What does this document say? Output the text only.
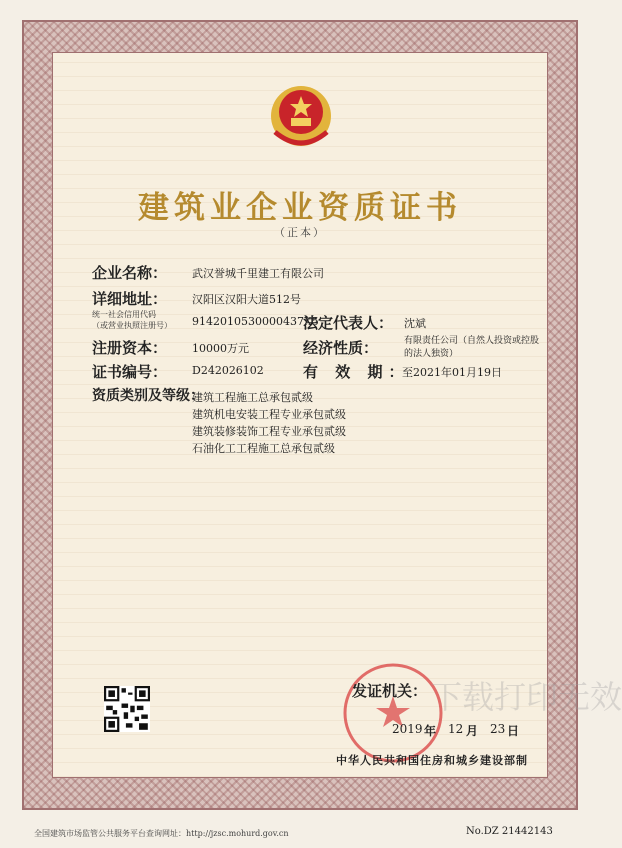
建筑业企业资质证书
（正本）
企业名称： 武汉誉城千里建工有限公司
详细地址： 汉阳区汉阳大道512号
统一社会信用代码
（或营业执照注册号） 9142010530000437X5
法定代表人： 沈斌
注册资本： 10000万元	经济性质：	有限责任公司（自然人投资或控股
的法人独资）
证书编号： D242026102	有 效 期：
至2021年01月19日
资质类别及等级：
建筑工程施工总承包贰级
建筑机电安装工程专业承包贰级
建筑装修装饰工程专业承包贰级
石油化工工程施工总承包贰级
发证机关： 下载打印无效
2019 年 12 月 23 日
中华人民共和国住房和城乡建设部制
全国建筑市场监管公共服务平台查询网址：http://jzsc.mohurd.gov.cn	No.DZ 21442143
